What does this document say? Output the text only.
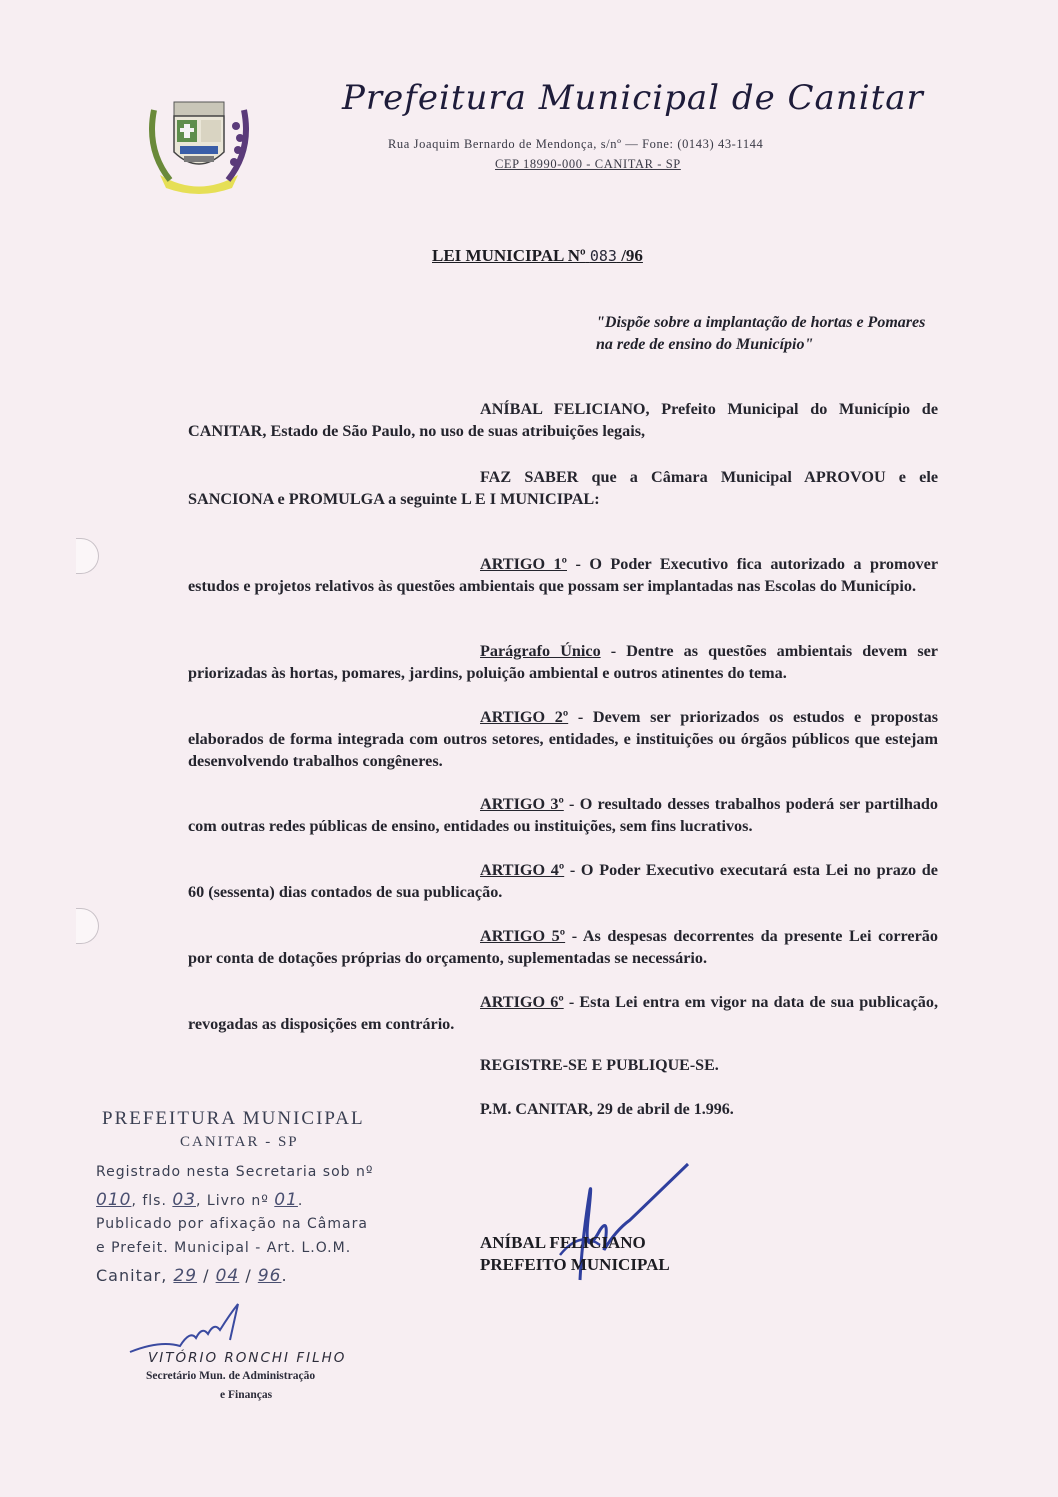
Prefeitura Municipal de Canitar
Rua Joaquim Bernardo de Mendonça, s/nº — Fone: (0143) 43-1144
CEP 18990-000 - CANITAR - SP
LEI MUNICIPAL Nº 083 /96
"Dispõe sobre a implantação de hortas e Pomares na rede de ensino do Município"
ANÍBAL FELICIANO, Prefeito Municipal do Município de CANITAR, Estado de São Paulo, no uso de suas atribuições legais,
FAZ SABER que a Câmara Municipal APROVOU e ele SANCIONA e PROMULGA a seguinte L E I MUNICIPAL:
ARTIGO 1º - O Poder Executivo fica autorizado a promover estudos e projetos relativos às questões ambientais que possam ser implantadas nas Escolas do Município.
Parágrafo Único - Dentre as questões ambientais devem ser priorizadas às hortas, pomares, jardins, poluição ambiental e outros atinentes do tema.
ARTIGO 2º - Devem ser priorizados os estudos e propostas elaborados de forma integrada com outros setores, entidades, e instituições ou órgãos públicos que estejam desenvolvendo trabalhos congêneres.
ARTIGO 3º - O resultado desses trabalhos poderá ser partilhado com outras redes públicas de ensino, entidades ou instituições, sem fins lucrativos.
ARTIGO 4º - O Poder Executivo executará esta Lei no prazo de 60 (sessenta) dias contados de sua publicação.
ARTIGO 5º - As despesas decorrentes da presente Lei correrão por conta de dotações próprias do orçamento, suplementadas se necessário.
ARTIGO 6º - Esta Lei entra em vigor na data de sua publicação, revogadas as disposições em contrário.
REGISTRE-SE E PUBLIQUE-SE.
P.M. CANITAR, 29 de abril de 1.996.
ANÍBAL FELICIANO
PREFEITO MUNICIPAL
PREFEITURA MUNICIPAL
CANITAR - SP
Registrado nesta Secretaria sob nº
010, fls. 03, Livro nº 01.
Publicado por afixação na Câmara
e Prefeit. Municipal - Art. L.O.M.
Canitar, 29 / 04 / 96.
VITÓRIO RONCHI FILHO
Secretário Mun. de Administração
e Finanças
